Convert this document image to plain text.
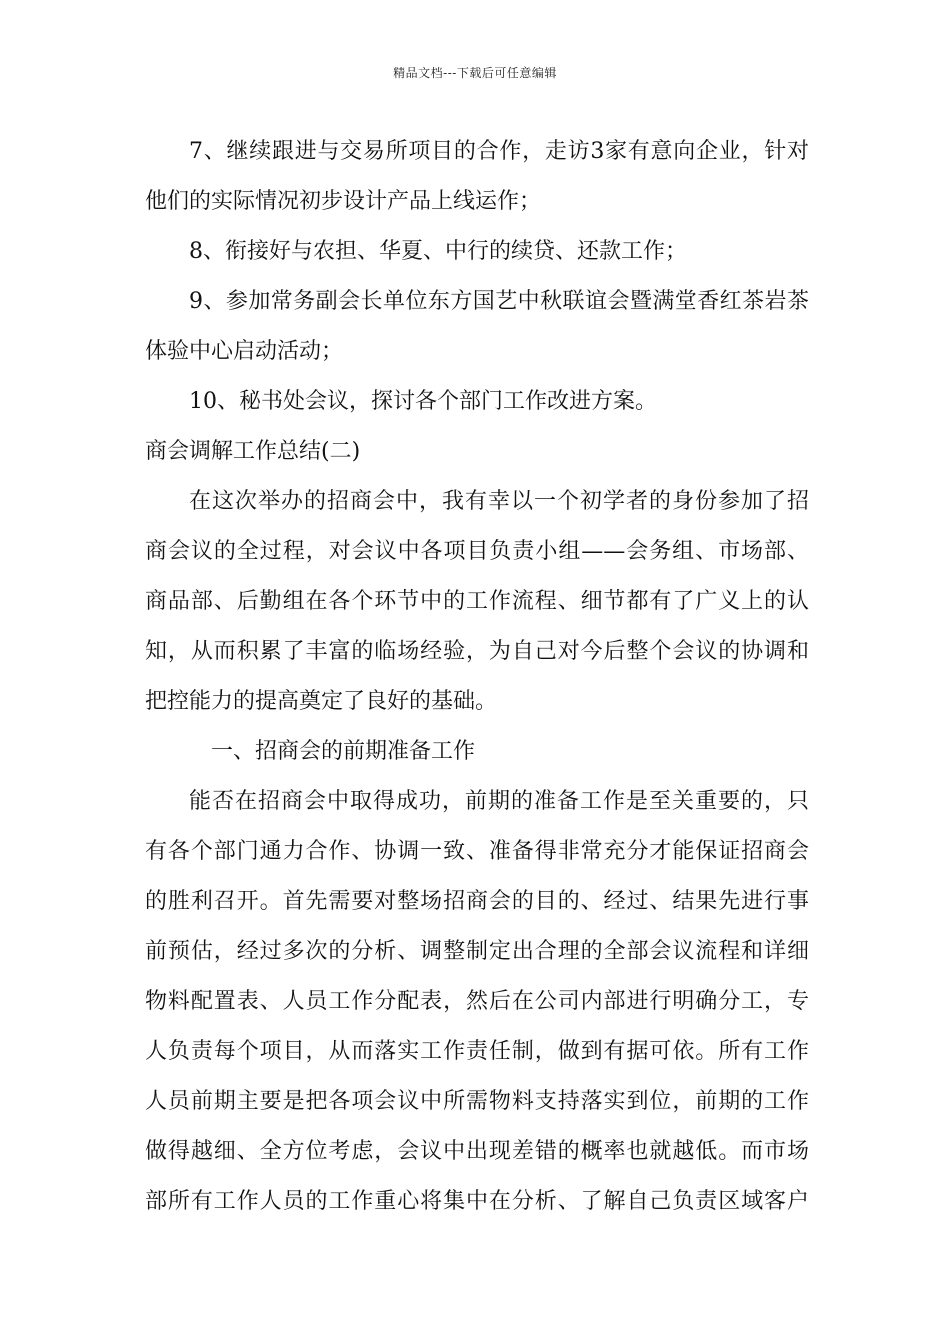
精品文档---下载后可任意编辑
7、继续跟进与交易所项目的合作，走访3家有意向企业，针对
他们的实际情况初步设计产品上线运作；
8、衔接好与农担、华夏、中行的续贷、还款工作；
9、参加常务副会长单位东方国艺中秋联谊会暨满堂香红茶岩茶
体验中心启动活动；
10、秘书处会议，探讨各个部门工作改进方案。
商会调解工作总结(二)
在这次举办的招商会中，我有幸以一个初学者的身份参加了招
商会议的全过程，对会议中各项目负责小组——会务组、市场部、
商品部、后勤组在各个环节中的工作流程、细节都有了广义上的认
知，从而积累了丰富的临场经验，为自己对今后整个会议的协调和
把控能力的提高奠定了良好的基础。
一、招商会的前期准备工作
能否在招商会中取得成功，前期的准备工作是至关重要的，只
有各个部门通力合作、协调一致、准备得非常充分才能保证招商会
的胜利召开。首先需要对整场招商会的目的、经过、结果先进行事
前预估，经过多次的分析、调整制定出合理的全部会议流程和详细
物料配置表、人员工作分配表，然后在公司内部进行明确分工，专
人负责每个项目，从而落实工作责任制，做到有据可依。所有工作
人员前期主要是把各项会议中所需物料支持落实到位，前期的工作
做得越细、全方位考虑，会议中出现差错的概率也就越低。而市场
部所有工作人员的工作重心将集中在分析、了解自己负责区域客户
